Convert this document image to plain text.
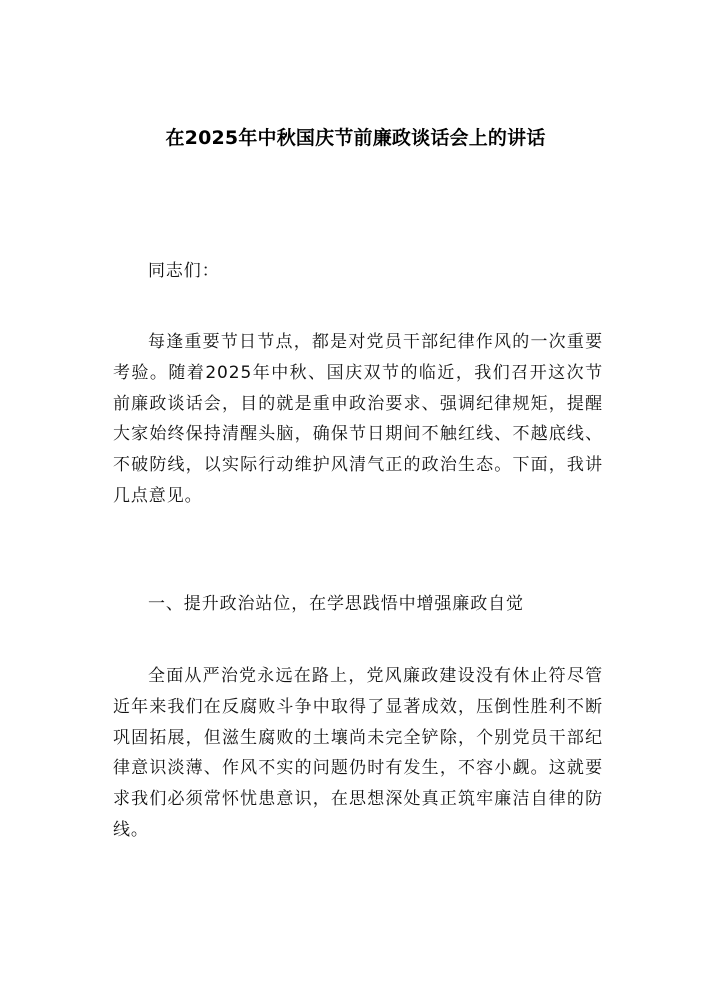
在2025年中秋国庆节前廉政谈话会上的讲话
同志们：
每逢重要节日节点，都是对党员干部纪律作风的一次重要考验。随着2025年中秋、国庆双节的临近，我们召开这次节前廉政谈话会，目的就是重申政治要求、强调纪律规矩，提醒大家始终保持清醒头脑，确保节日期间不触红线、不越底线、不破防线，以实际行动维护风清气正的政治生态。下面，我讲几点意见。
一、提升政治站位，在学思践悟中增强廉政自觉
全面从严治党永远在路上，党风廉政建设没有休止符尽管近年来我们在反腐败斗争中取得了显著成效，压倒性胜利不断巩固拓展，但滋生腐败的土壤尚未完全铲除，个别党员干部纪律意识淡薄、作风不实的问题仍时有发生，不容小觑。这就要求我们必须常怀忧患意识，在思想深处真正筑牢廉洁自律的防线。
